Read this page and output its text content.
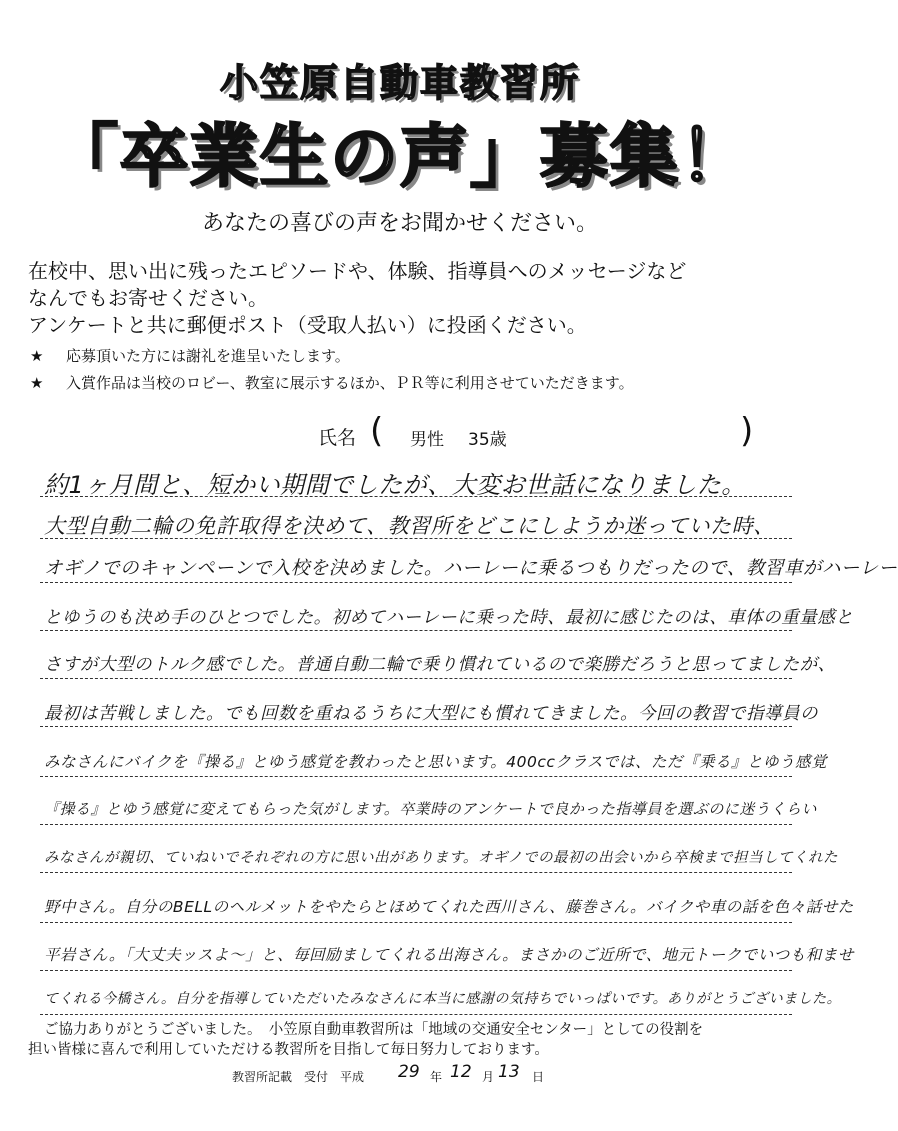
小笠原自動車教習所
「卒業生の声」募集！
あなたの喜びの声をお聞かせください。
在校中、思い出に残ったエピソードや、体験、指導員へのメッセージなど
なんでもお寄せください。
アンケートと共に郵便ポスト（受取人払い）に投函ください。
★ 応募頂いた方には謝礼を進呈いたします。
★ 入賞作品は当校のロビー、教室に展示するほか、ＰＲ等に利用させていただきます。
氏名 ( 男性 35歳	)
約1ヶ月間と、短かい期間でしたが、大変お世話になりました。
大型自動二輪の免許取得を決めて、教習所をどこにしようか迷っていた時、
オギノでのキャンペーンで入校を決めました。ハーレーに乗るつもりだったので、教習車がハーレー
とゆうのも決め手のひとつでした。初めてハーレーに乗った時、最初に感じたのは、車体の重量感と
さすが大型のトルク感でした。普通自動二輪で乗り慣れているので楽勝だろうと思ってましたが、
最初は苦戦しました。でも回数を重ねるうちに大型にも慣れてきました。今回の教習で指導員の
みなさんにバイクを『操る』とゆう感覚を教わったと思います。400ccクラスでは、ただ『乗る』とゆう感覚
『操る』とゆう感覚に変えてもらった気がします。卒業時のアンケートで良かった指導員を選ぶのに迷うくらい
みなさんが親切、ていねいでそれぞれの方に思い出があります。オギノでの最初の出会いから卒検まで担当してくれた
野中さん。自分のBELLのヘルメットをやたらとほめてくれた西川さん、藤巻さん。バイクや車の話を色々話せた
平岩さん。「大丈夫ッスよ～」と、毎回励ましてくれる出海さん。まさかのご近所で、地元トークでいつも和ませ
てくれる今橋さん。自分を指導していただいたみなさんに本当に感謝の気持ちでいっぱいです。ありがとうございました。
ご協力ありがとうございました。　小笠原自動車教習所は「地域の交通安全センター」としての役割を
担い皆様に喜んで利用していただける教習所を目指して毎日努力しております。
教習所記載　受付 平成 29 年 12 月 13 日
